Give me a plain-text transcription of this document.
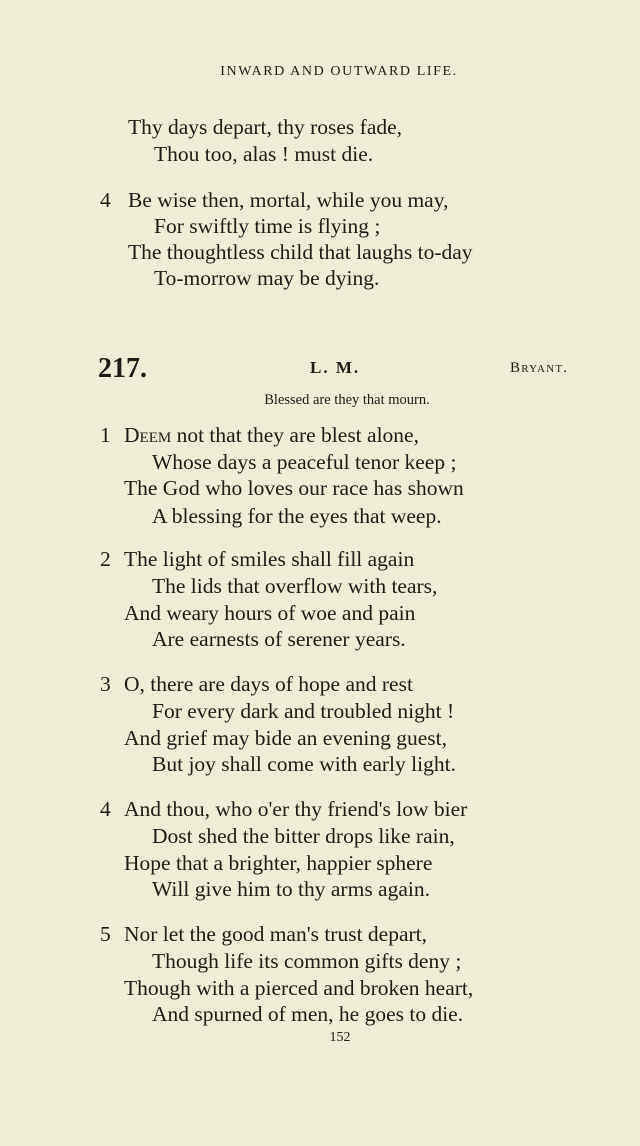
INWARD AND OUTWARD LIFE.
Thy days depart, thy roses fade,
Thou too, alas ! must die.
4 Be wise then, mortal, while you may,
For swiftly time is flying ;
The thoughtless child that laughs to-day
To-morrow may be dying.
217.	L. M.	Bryant.
Blessed are they that mourn.
1 Deem not that they are blest alone,
Whose days a peaceful tenor keep ;
The God who loves our race has shown
A blessing for the eyes that weep.
2 The light of smiles shall fill again
The lids that overflow with tears,
And weary hours of woe and pain
Are earnests of serener years.
3 O, there are days of hope and rest
For every dark and troubled night !
And grief may bide an evening guest,
But joy shall come with early light.
4 And thou, who o'er thy friend's low bier
Dost shed the bitter drops like rain,
Hope that a brighter, happier sphere
Will give him to thy arms again.
5 Nor let the good man's trust depart,
Though life its common gifts deny ;
Though with a pierced and broken heart,
And spurned of men, he goes to die.
152
